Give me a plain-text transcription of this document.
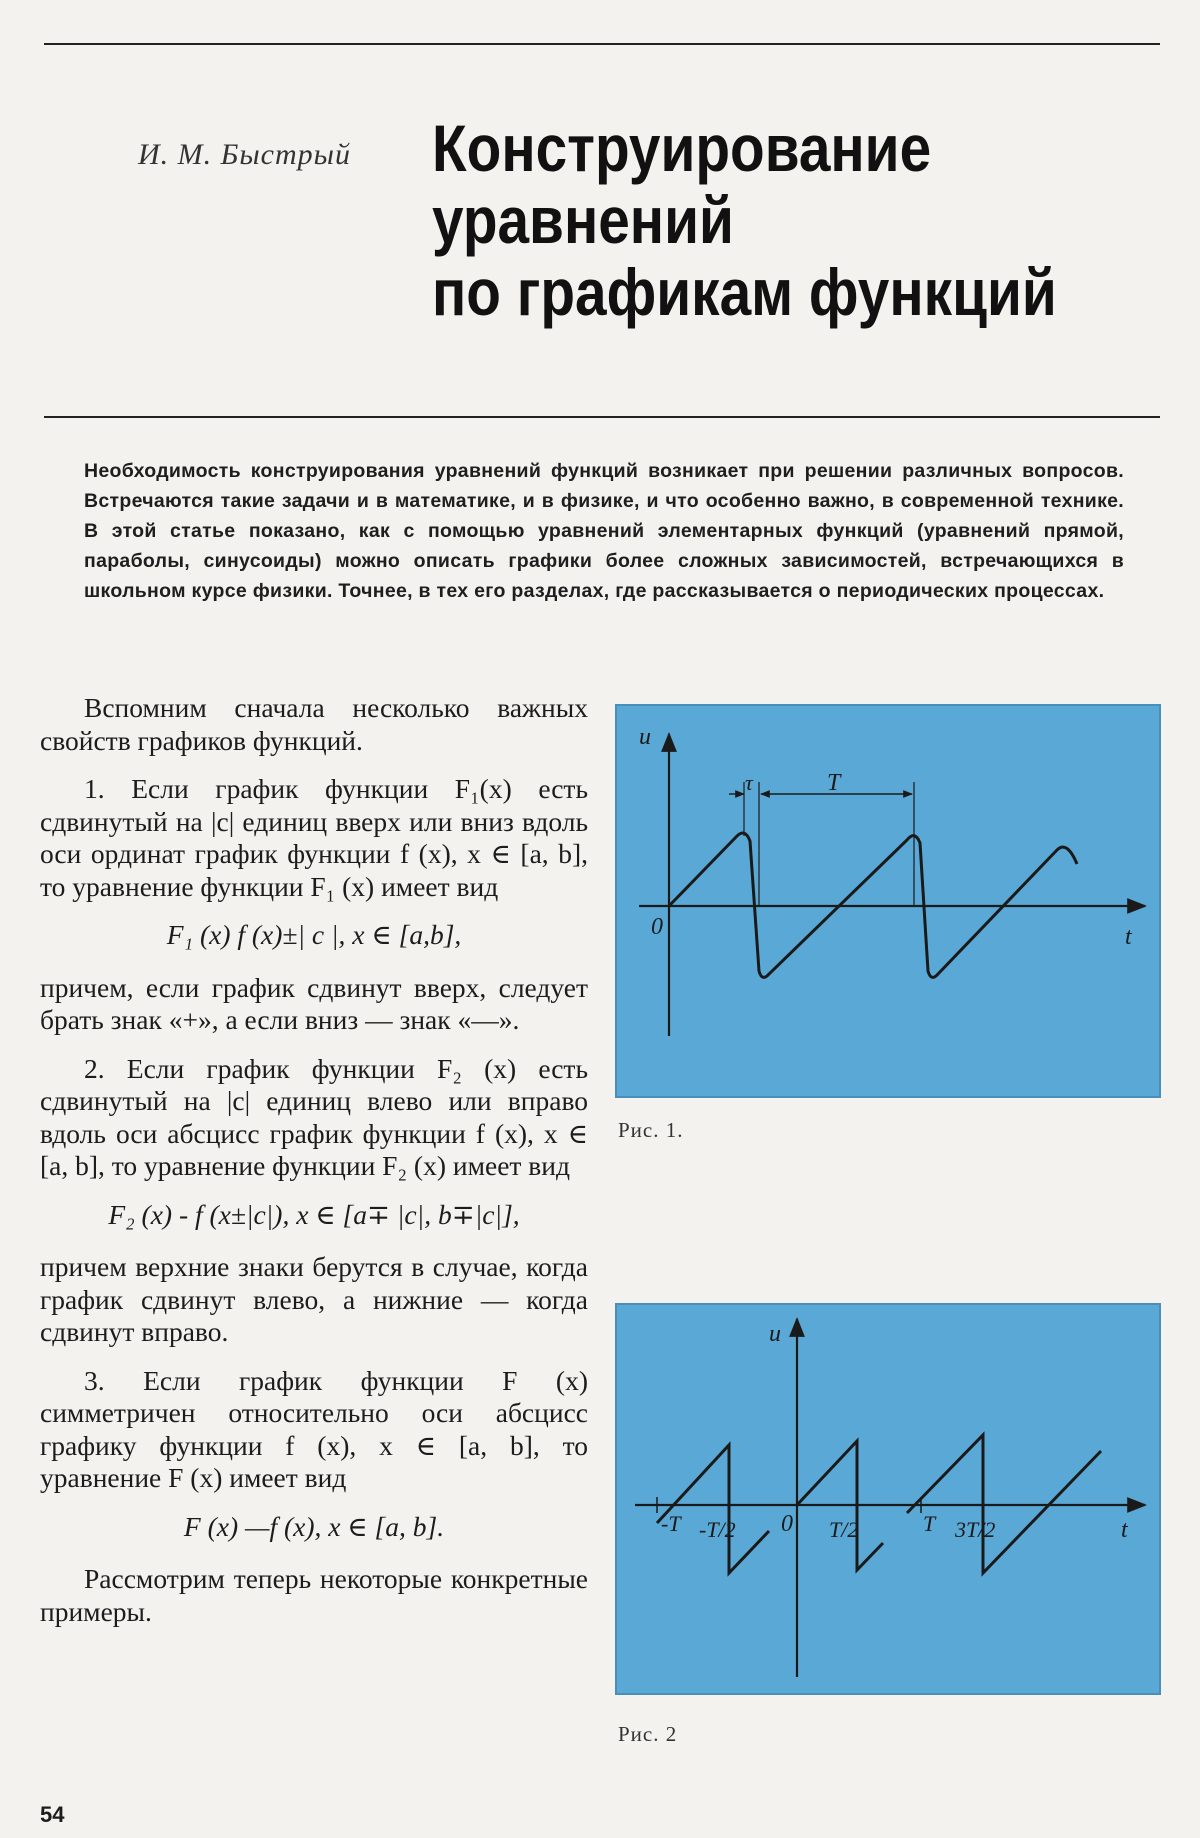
И. М. Быстрый Конструирование
уравнений
по графикам функций

Необходимость конструирования уравнений функций возникает при решении различных вопросов. Встречаются такие задачи и в математике, и в физике, и что особенно важно, в современной технике. В этой статье показано, как с помощью уравнений элементарных функций (уравнений прямой, параболы, синусоиды) можно описать графики более сложных зависимостей, встречающихся в школьном курсе физики. Точнее, в тех его разделах, где рассказывается о периодических процессах.

Вспомним сначала несколько важных свойств графиков функций.

1. Если график функции F₁(x) есть сдвинутый на |c| единиц вверх или вниз вдоль оси ординат график функции f (x), x ∈ [a, b], то уравнение функции F₁ (x) имеет вид

F₁ (x) f (x)±| c |, x ∈ [a,b],

причем, если график сдвинут вверх, следует брать знак «+», а если вниз — знак «—».

2. Если график функции F₂ (x) есть сдвинутый на |c| единиц влево или вправо вдоль оси абсцисс график функции f (x), x ∈ [a, b], то уравнение функции F₂ (x) имеет вид

F₂ (x) - f (x±|c|), x ∈ [a∓ |c|, b∓|c|],

причем верхние знаки берутся в случае, когда график сдвинут влево, а нижние — когда сдвинут вправо.

3. Если график функции F (x) симметричен относительно оси абсцисс графику функции f (x), x ∈ [a, b], то уравнение F (x) имеет вид

F (x) —f (x), x ∈ [a, b].

Рассмотрим теперь некоторые конкретные примеры.

u
t
0
τ	T
Рис. 1.
u
t
0
-T -T/2	T/2	T 3T/2
Рис. 2
54
